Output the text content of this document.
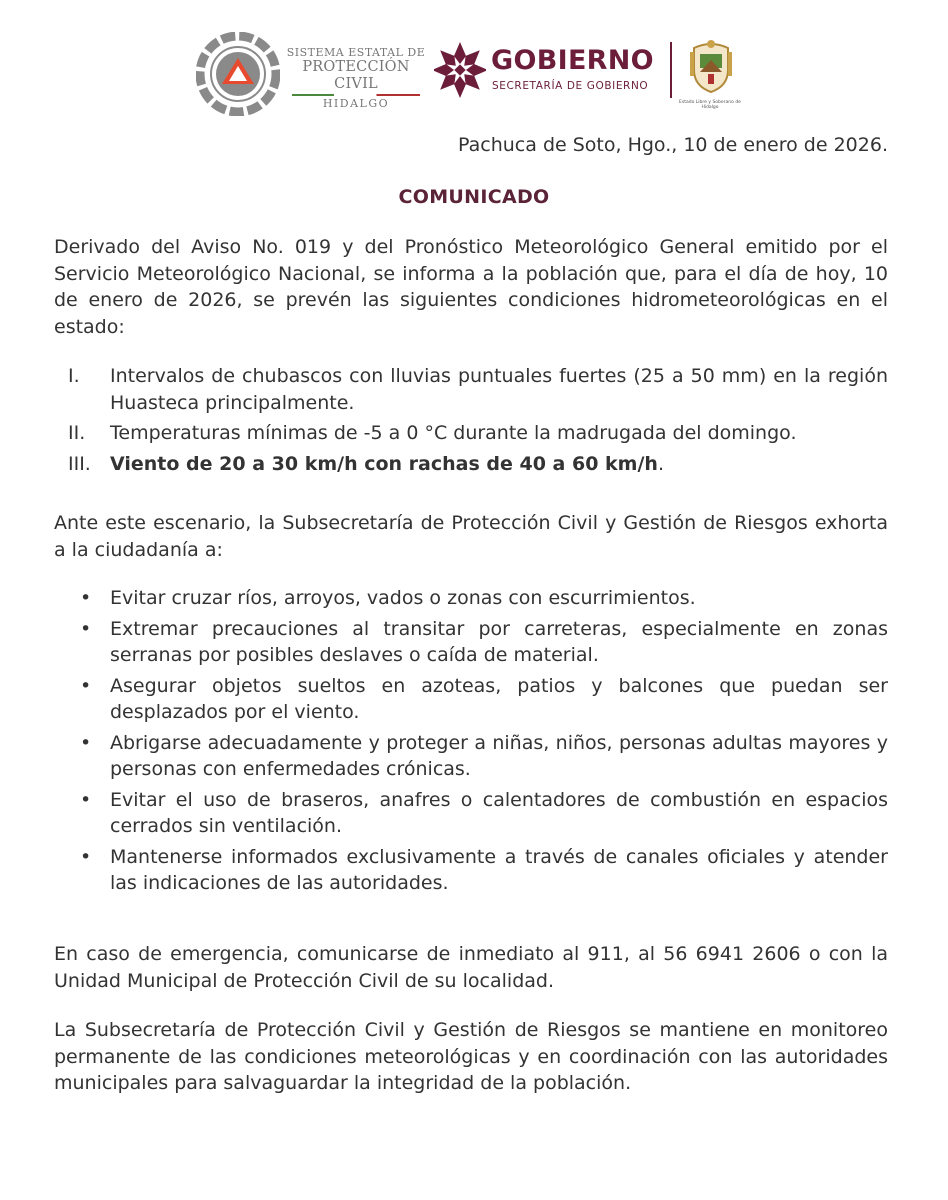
SISTEMA ESTATAL DE
PROTECCIÓN CIVIL
HIDALGO
GOBIERNO
SECRETARÍA DE GOBIERNO
Estado Libre y Soberano de Hidalgo
Pachuca de Soto, Hgo., 10 de enero de 2026.
COMUNICADO
Derivado del Aviso No. 019 y del Pronóstico Meteorológico General emitido por el Servicio Meteorológico Nacional, se informa a la población que, para el día de hoy, 10 de enero de 2026, se prevén las siguientes condiciones hidrometeorológicas en el estado:
I. Intervalos de chubascos con lluvias puntuales fuertes (25 a 50 mm) en la región Huasteca principalmente.
II. Temperaturas mínimas de -5 a 0 °C durante la madrugada del domingo.
III. Viento de 20 a 30 km/h con rachas de 40 a 60 km/h.
Ante este escenario, la Subsecretaría de Protección Civil y Gestión de Riesgos exhorta a la ciudadanía a:
• Evitar cruzar ríos, arroyos, vados o zonas con escurrimientos.
• Extremar precauciones al transitar por carreteras, especialmente en zonas serranas por posibles deslaves o caída de material.
• Asegurar objetos sueltos en azoteas, patios y balcones que puedan ser desplazados por el viento.
• Abrigarse adecuadamente y proteger a niñas, niños, personas adultas mayores y personas con enfermedades crónicas.
• Evitar el uso de braseros, anafres o calentadores de combustión en espacios cerrados sin ventilación.
• Mantenerse informados exclusivamente a través de canales oficiales y atender las indicaciones de las autoridades.
En caso de emergencia, comunicarse de inmediato al 911, al 56 6941 2606 o con la Unidad Municipal de Protección Civil de su localidad.
La Subsecretaría de Protección Civil y Gestión de Riesgos se mantiene en monitoreo permanente de las condiciones meteorológicas y en coordinación con las autoridades municipales para salvaguardar la integridad de la población.
